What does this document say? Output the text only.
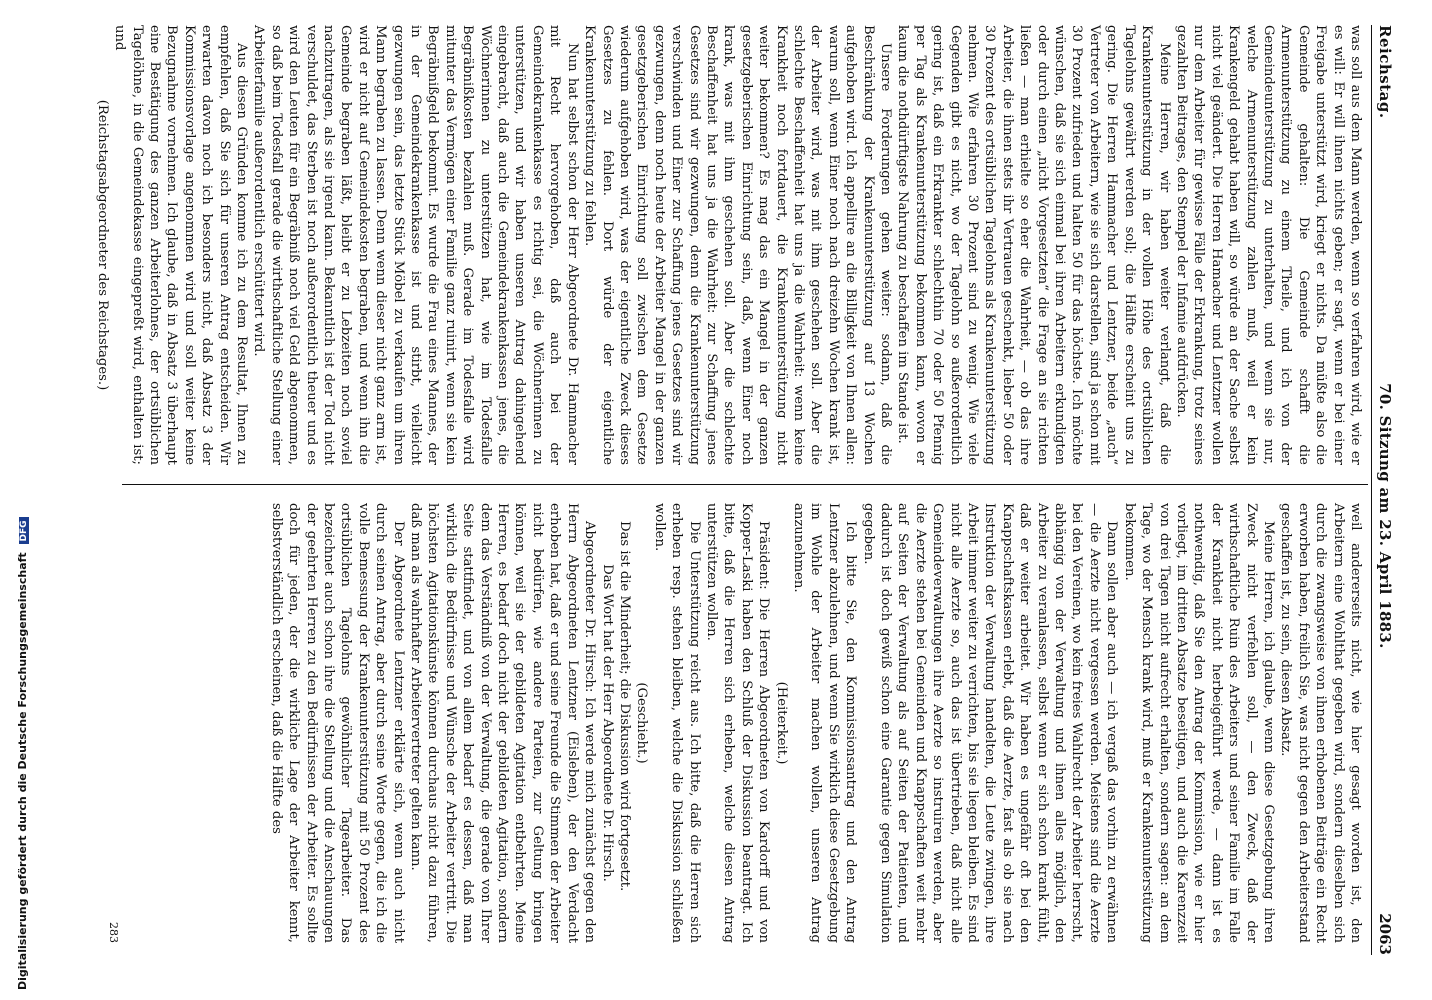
Reichstag.
70. Sitzung am 23. April 1883.
2063

was soll aus dem Mann werden, wenn so verfahren wird, wie er es will: Er will ihnen nichts geben; er sagt, wenn er bei einer Freigabe unterstützt wird, kriegt er nichts. Da müßte also die Gemeinde gehalten: Die Gemeinde schafft die Armenunterstützung zu einem Theile, und ich von der Gemeindeunterstützung zu unterhalten, und wenn sie nur, welche Armenunterstützung zahlen muß, weil er kein Krankengeld gehabt haben will, so würde an der Sache selbst nicht viel geändert. Die Herren Hamacher und Lentzner wollen nur dem Arbeiter für gewisse Fälle der Erkrankung, trotz seines gezahlten Beitrages, den Stempel der Infamie aufdrücken.

Meine Herren, wir haben weiter verlangt, daß die Krankenunterstützung in der vollen Höhe des ortsüblichen Tagelohns gewährt werden soll; die Hälfte erscheint uns zu gering. Die Herren Hammacher und Lentzner, beide „auch“ Vertreter von Arbeitern, wie sie sich darstellen, sind ja schon mit 30 Prozent zufrieden und halten 50 für das höchste. Ich möchte wünschen, daß sie sich einmal bei ihren Arbeitern erkundigten oder durch einen „nicht Vorgesetzten“ die Frage an sie richten ließen — man erhielte so eher die Wahrheit, — ob das ihre Arbeiter, die ihnen stets ihr Vertrauen geschenkt, lieber 50 oder 30 Prozent des ortsüblichen Tagelohns als Krankenunterstützung nehmen. Wie erfahren 30 Prozent sind zu wenig. Wie viele Gegenden gibt es nicht, wo der Tagelohn so außerordentlich gering ist, daß ein Erkrankter schlechthin 70 oder 50 Pfennig per Tag als Krankenunterstützung bekommen kann, wovon er kaum die nothdürftigste Nahrung zu beschaffen im Stande ist.

Unsere Forderungen gehen weiter: sodann, daß die Beschränkung der Krankenunterstützung auf 13 Wochen aufgehoben wird. Ich appellire an die Billigkeit von Ihnen allen: warum soll, wenn Einer noch nach dreizehn Wochen krank ist, der Arbeiter wird, was mit ihm geschehen soll. Aber die schlechte Beschaffenheit hat uns ja die Wahrheit: wenn keine Krankheit noch fortdauert, die Krankenunterstützung nicht weiter bekommen? Es mag das ein Mangel in der ganzen gesetzgeberischen Einrichtung sein, daß, wenn Einer noch krank, was mit ihm geschehen soll. Aber die schlechte Beschaffenheit hat uns ja die Wahrheit: zur Schaffung jenes Gesetzes sind wir gezwungen, denn die Krankenunterstützung verschwinden und Einer zur Schaffung jenes Gesetzes sind wir gezwungen, denn noch heute der Arbeiter Mangel in der ganzen gesetzgeberischen Einrichtung soll zwischen dem Gesetze wiederum aufgehoben wird, was der eigentliche Zweck dieses Gesetzes zu fehlen. Dort würde der eigentliche Krankenunterstützung zu fehlen.

Nun hat selbst schon der Herr Abgeordnete Dr. Hammacher mit Recht hervorgehoben, daß auch bei der Gemeindekrankenkasse es richtig sei, die Wöchnerinnen zu unterstützen, und wir haben unseren Antrag dahingehend eingebracht, daß auch die Gemeindekrankenkassen jenes, die Wöchnerinnen zu unterstützen hat, wie im Todesfalle Begräbnißkosten bezahlen muß. Gerade im Todesfalle wird mitunter das Vermögen einer Familie ganz ruinirt, wenn sie kein Begräbnißgeld bekommt. Es wurde die Frau eines Mannes, der in der Gemeindekrankenkasse ist und stirbt, vielleicht gezwungen sein, das letzte Stück Möbel zu verkaufen um ihren Mann begraben zu lassen. Denn wenn dieser nicht ganz arm ist, wird er nicht auf Gemeindekosten begraben, und wenn ihn die Gemeinde begraben läßt, bleibt er zu Lebzeiten noch soviel nachzutragen, als sie irgend kann. Bekanntlich ist der Tod nicht verschuldet, das Sterben ist noch außerordentlich theuer und es wird den Leuten für ein Begräbniß noch viel Geld abgenommen, so daß beim Todesfall gerade die wirthschaftliche Stellung einer Arbeiterfamilie außerordentlich erschüttert wird.

Aus diesen Gründen komme ich zu dem Resultat, Ihnen zu empfehlen, daß Sie sich für unseren Antrag entscheiden. Wir erwarten davon noch ich besonders nicht, daß Absatz 3 der Kommissionsvorlage angenommen wird und soll weiter keine Bezugnahme vornehmen. Ich glaube, daß in Absatz 3 überhaupt eine Bestätigung des ganzen Arbeiterlohnes, der ortsüblichen Tagelöhne, in die Gemeindekasse eingepreßt wird, enthalten ist; und

(Reichstagsabgeordneter des Reichstages.)

weil andererseits nicht, wie hier gesagt worden ist, den Arbeitern eine Wohlthat gegeben wird, sondern dieselben sich durch die zwangsweise von ihnen erhobenen Beiträge ein Recht erworben haben, freilich Sie, was nicht gegen den Arbeiterstand geschaffen ist, zu sein, diesen Absatz.

Meine Herren, ich glaube, wenn diese Gesetzgebung ihren Zweck nicht verfehlen soll, — den Zweck, daß der wirthschaftliche Ruin des Arbeiters und seiner Familie im Falle der Krankheit nicht herbeigeführt werde, — dann ist es nothwendig, daß Sie den Antrag der Kommission, wie er hier vorliegt, im dritten Absatze beseitigen, und auch die Karenzzeit von drei Tagen nicht aufrecht erhalten, sondern sagen: an dem Tage, wo der Mensch krank wird, muß er Krankenunterstützung bekommen.

Dann sollen aber auch — ich vergaß das vorhin zu erwähnen — die Aerzte nicht vergessen werden. Meistens sind die Aerzte bei den Vereinen, wo kein freies Wahlrecht der Arbeiter herrscht, abhängig von der Verwaltung und ihnen alles möglich, den Arbeiter zu veranlassen, selbst wenn er sich schon krank fühlt, daß er weiter arbeitet. Wir haben es ungefähr oft bei den Knappschaftskassen erlebt, daß die Aerzte, fast als ob sie nach Instruktion der Verwaltung handelten, die Leute zwingen, ihre Arbeit immer weiter zu verrichten, bis sie liegen bleiben. Es sind nicht alle Aerzte so, auch das ist übertrieben, daß nicht alle Gemeindeverwaltungen ihre Aerzte so instruiren werden, aber die Aerzte stehen bei Gemeinden und Knappschaften weit mehr auf Seiten der Verwaltung als auf Seiten der Patienten, und dadurch ist doch gewiß schon eine Garantie gegen Simulation gegeben.

Ich bitte Sie, den Kommissionsantrag und den Antrag Lentzner abzulehnen, und wenn Sie wirklich diese Gesetzgebung im Wohle der Arbeiter machen wollen, unseren Antrag anzunehmen.

(Heiterkeit.)

Präsident: Die Herren Abgeordneten von Kardorff und von Kopper-Laski haben den Schluß der Diskussion beantragt. Ich bitte, daß die Herren sich erheben, welche diesen Antrag unterstützen wollen.

Die Unterstützung reicht aus. Ich bitte, daß die Herren sich erheben resp. stehen bleiben, welche die Diskussion schließen wollen.

(Geschieht.)

Das ist die Minderheit; die Diskussion wird fortgesetzt.

Das Wort hat der Herr Abgeordnete Dr. Hirsch.

Abgeordneter Dr. Hirsch: Ich werde mich zunächst gegen den Herrn Abgeordneten Lentzner (Eisleben), der den Verdacht erhoben hat, daß er und seine Freunde die Stimmen der Arbeiter nicht bedürfen, wie andere Parteien, zur Geltung bringen können, weil sie der gebildeten Agitation entbehrten. Meine Herren, es bedarf doch nicht der gebildeten Agitation, sondern dem das Verständniß von der Verwaltung, die gerade von Ihrer Seite stattfindet, und von allem bedarf es dessen, daß man wirklich die Bedürfnisse und Wünsche der Arbeiter vertritt. Die höchsten Agitationskünste können durchaus nicht dazu führen, daß man als wahrhafter Arbeitervertreter gelten kann.

Der Abgeordnete Lentzner erklärte sich, wenn auch nicht durch seinen Antrag, aber durch seine Worte gegen, die ich die volle Bemessung der Krankenunterstützung mit 50 Prozent des ortsüblichen Tagelohns gewöhnlicher Tagearbeiter. Das bezeichnet auch schon ihre die Stellung und die Anschauungen der geehrten Herren zu den Bedürfnissen der Arbeiter. Es sollte doch für jeden, der die wirkliche Lage der Arbeiter kennt, selbstverständlich erscheinen, daß die Hälfte des

283
Digitalisierung gefördert durch die Deutsche Forschungsgemeinschaft DFG
